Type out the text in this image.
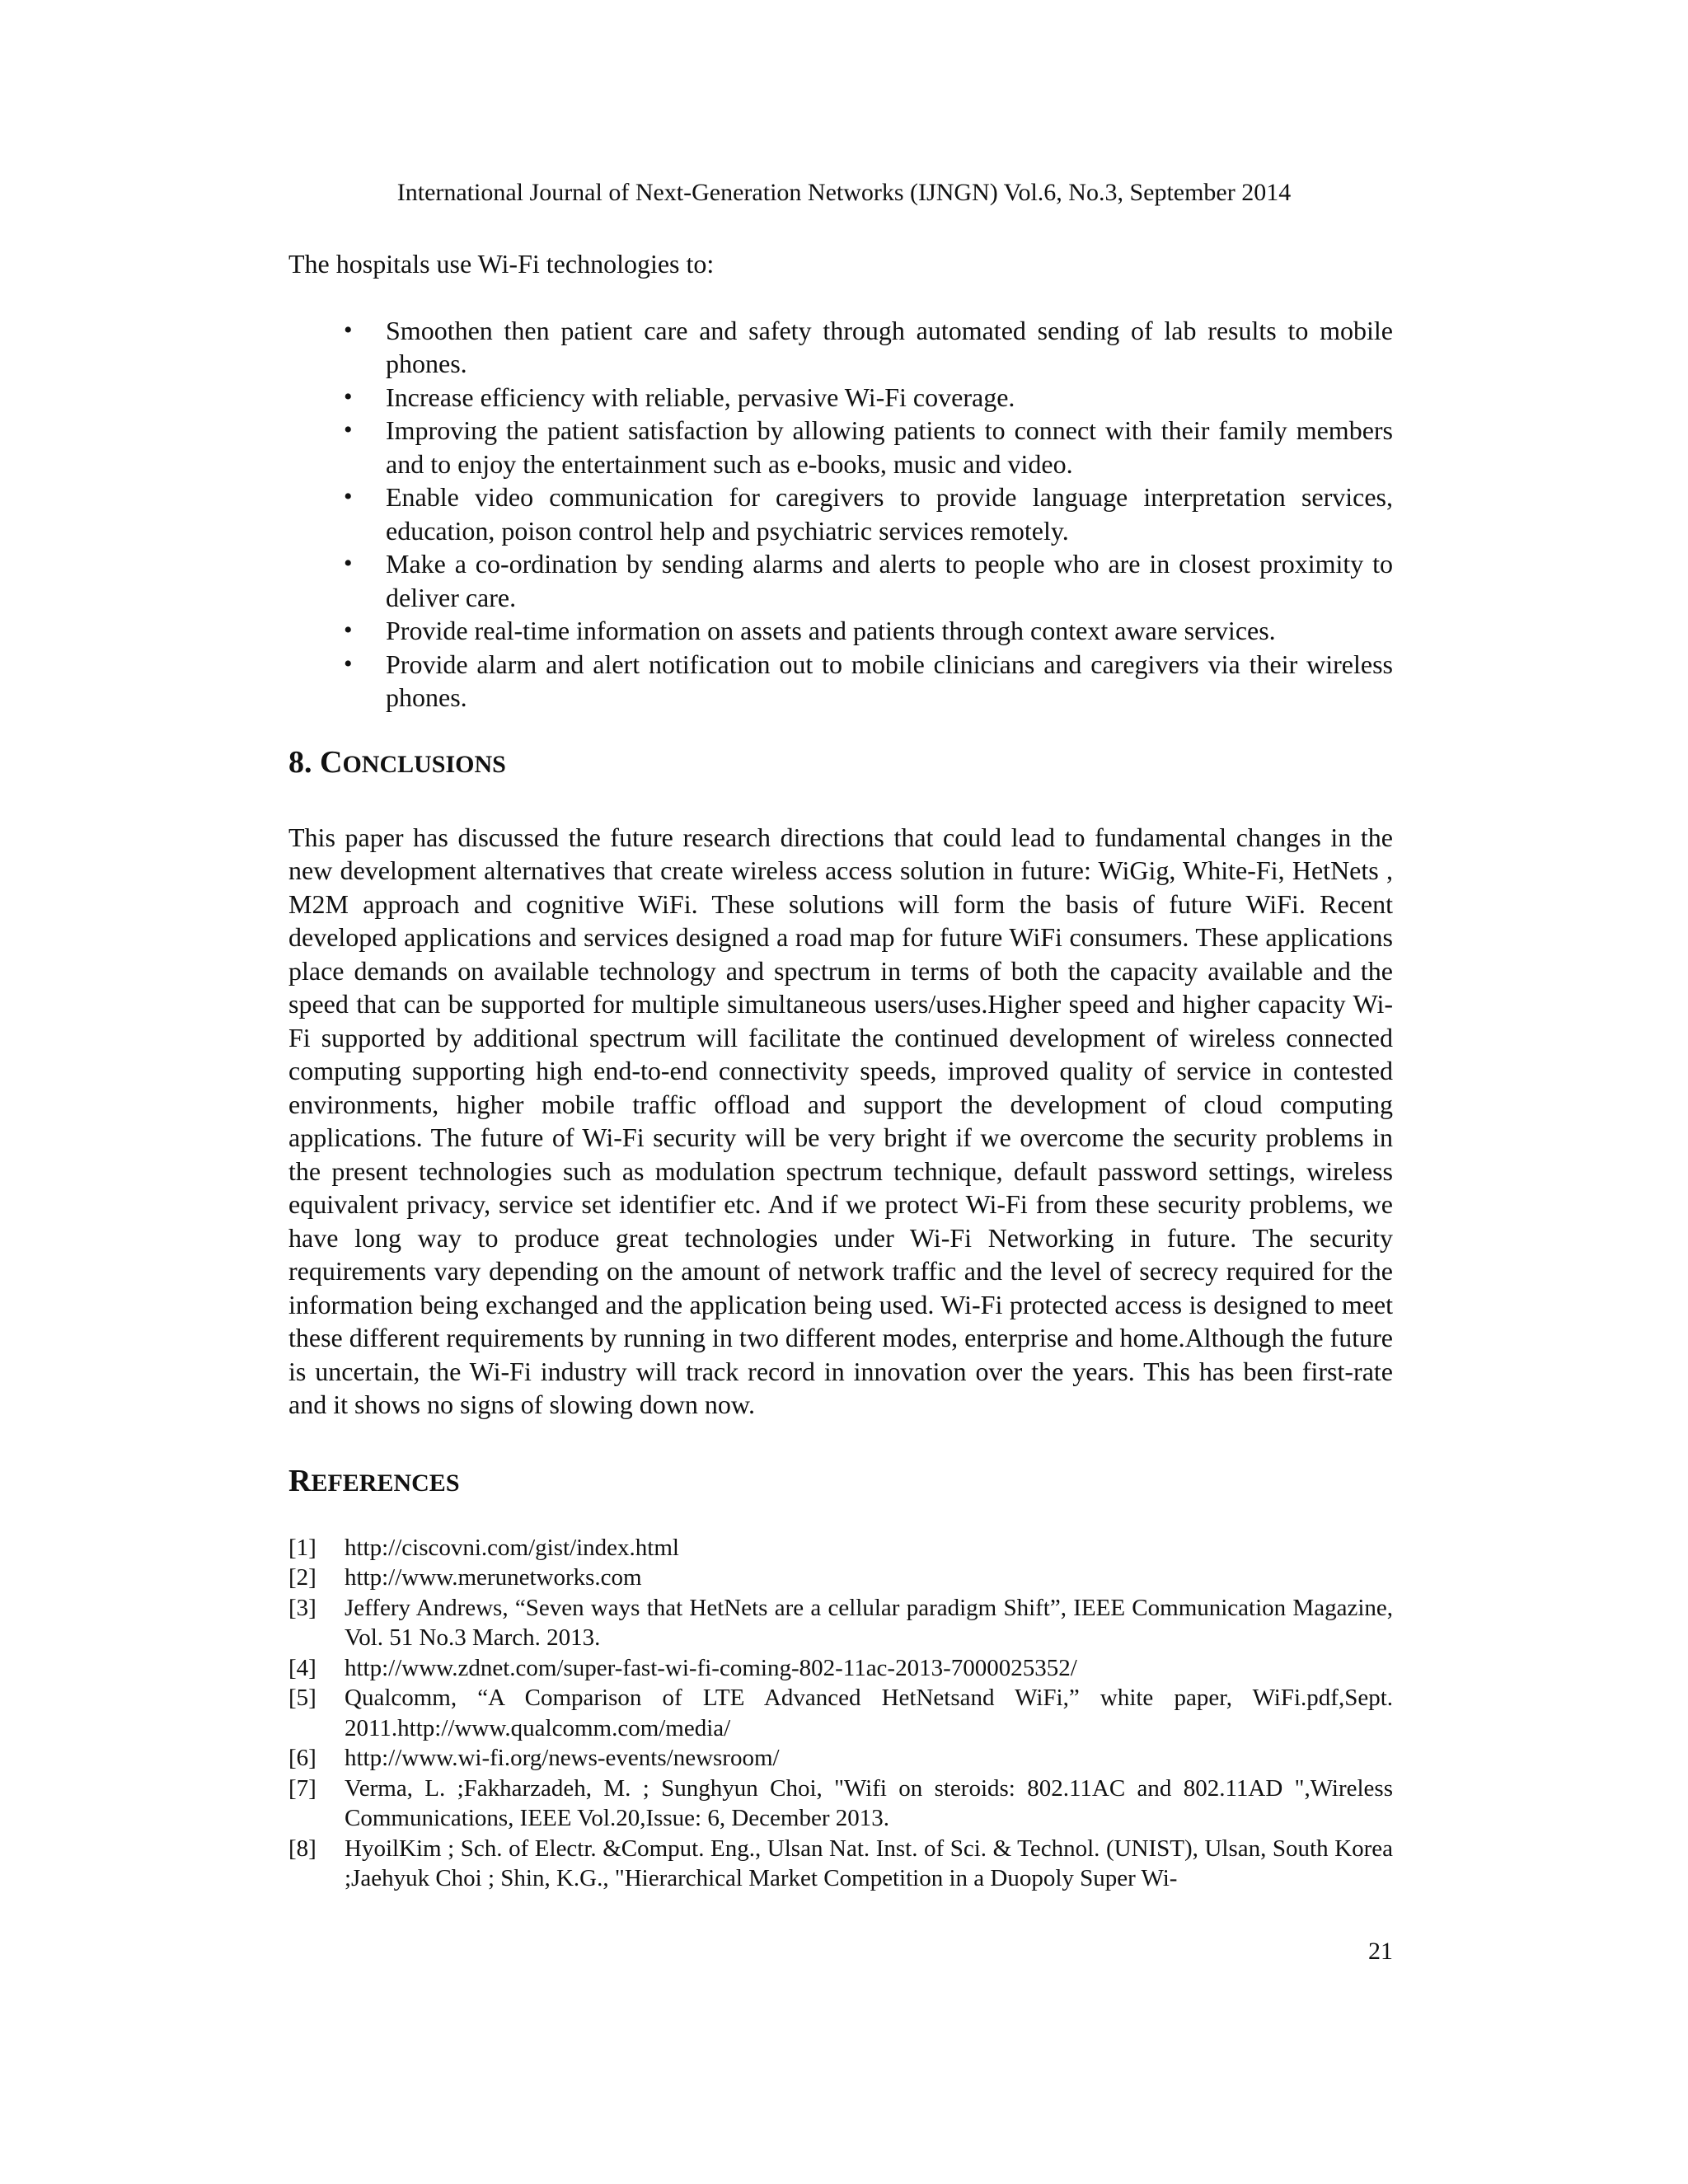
International Journal of Next-Generation Networks (IJNGN) Vol.6, No.3, September 2014

The hospitals use Wi-Fi technologies to:

• Smoothen then patient care and safety through automated sending of lab results to mobile phones.
• Increase efficiency with reliable, pervasive Wi-Fi coverage.
• Improving the patient satisfaction by allowing patients to connect with their family members and to enjoy the entertainment such as e-books, music and video.
• Enable video communication for caregivers to provide language interpretation services, education, poison control help and psychiatric services remotely.
• Make a co-ordination by sending alarms and alerts to people who are in closest proximity to deliver care.
• Provide real-time information on assets and patients through context aware services.
• Provide alarm and alert notification out to mobile clinicians and caregivers via their wireless phones.
8. CONCLUSIONS

This paper has discussed the future research directions that could lead to fundamental changes in the new development alternatives that create wireless access solution in future: WiGig, White-Fi, HetNets , M2M approach and cognitive WiFi. These solutions will form the basis of future WiFi. Recent developed applications and services designed a road map for future WiFi consumers. These applications place demands on available technology and spectrum in terms of both the capacity available and the speed that can be supported for multiple simultaneous users/uses.Higher speed and higher capacity Wi-Fi supported by additional spectrum will facilitate the continued development of wireless connected computing supporting high end-to-end connectivity speeds, improved quality of service in contested environments, higher mobile traffic offload and support the development of cloud computing applications. The future of Wi-Fi security will be very bright if we overcome the security problems in the present technologies such as modulation spectrum technique, default password settings, wireless equivalent privacy, service set identifier etc. And if we protect Wi-Fi from these security problems, we have long way to produce great technologies under Wi-Fi Networking in future. The security requirements vary depending on the amount of network traffic and the level of secrecy required for the information being exchanged and the application being used. Wi-Fi protected access is designed to meet these different requirements by running in two different modes, enterprise and home.Although the future is uncertain, the Wi-Fi industry will track record in innovation over the years. This has been first-rate and it shows no signs of slowing down now.

REFERENCES
[1] http://ciscovni.com/gist/index.html
[2] http://www.merunetworks.com
[3] Jeffery Andrews, “Seven ways that HetNets are a cellular paradigm Shift”, IEEE Communication Magazine, Vol. 51 No.3 March. 2013.
[4] http://www.zdnet.com/super-fast-wi-fi-coming-802-11ac-2013-7000025352/
[5] Qualcomm, “A Comparison of LTE Advanced HetNetsand WiFi,” white paper, WiFi.pdf,Sept. 2011.http://www.qualcomm.com/media/
[6] http://www.wi-fi.org/news-events/newsroom/
[7] Verma, L. ;Fakharzadeh, M. ; Sunghyun Choi, "Wifi on steroids: 802.11AC and 802.11AD ",Wireless Communications, IEEE Vol.20,Issue: 6, December 2013.
[8] HyoilKim ; Sch. of Electr. &Comput. Eng., Ulsan Nat. Inst. of Sci. & Technol. (UNIST), Ulsan, South Korea ;Jaehyuk Choi ; Shin, K.G., "Hierarchical Market Competition in a Duopoly Super Wi-
21
